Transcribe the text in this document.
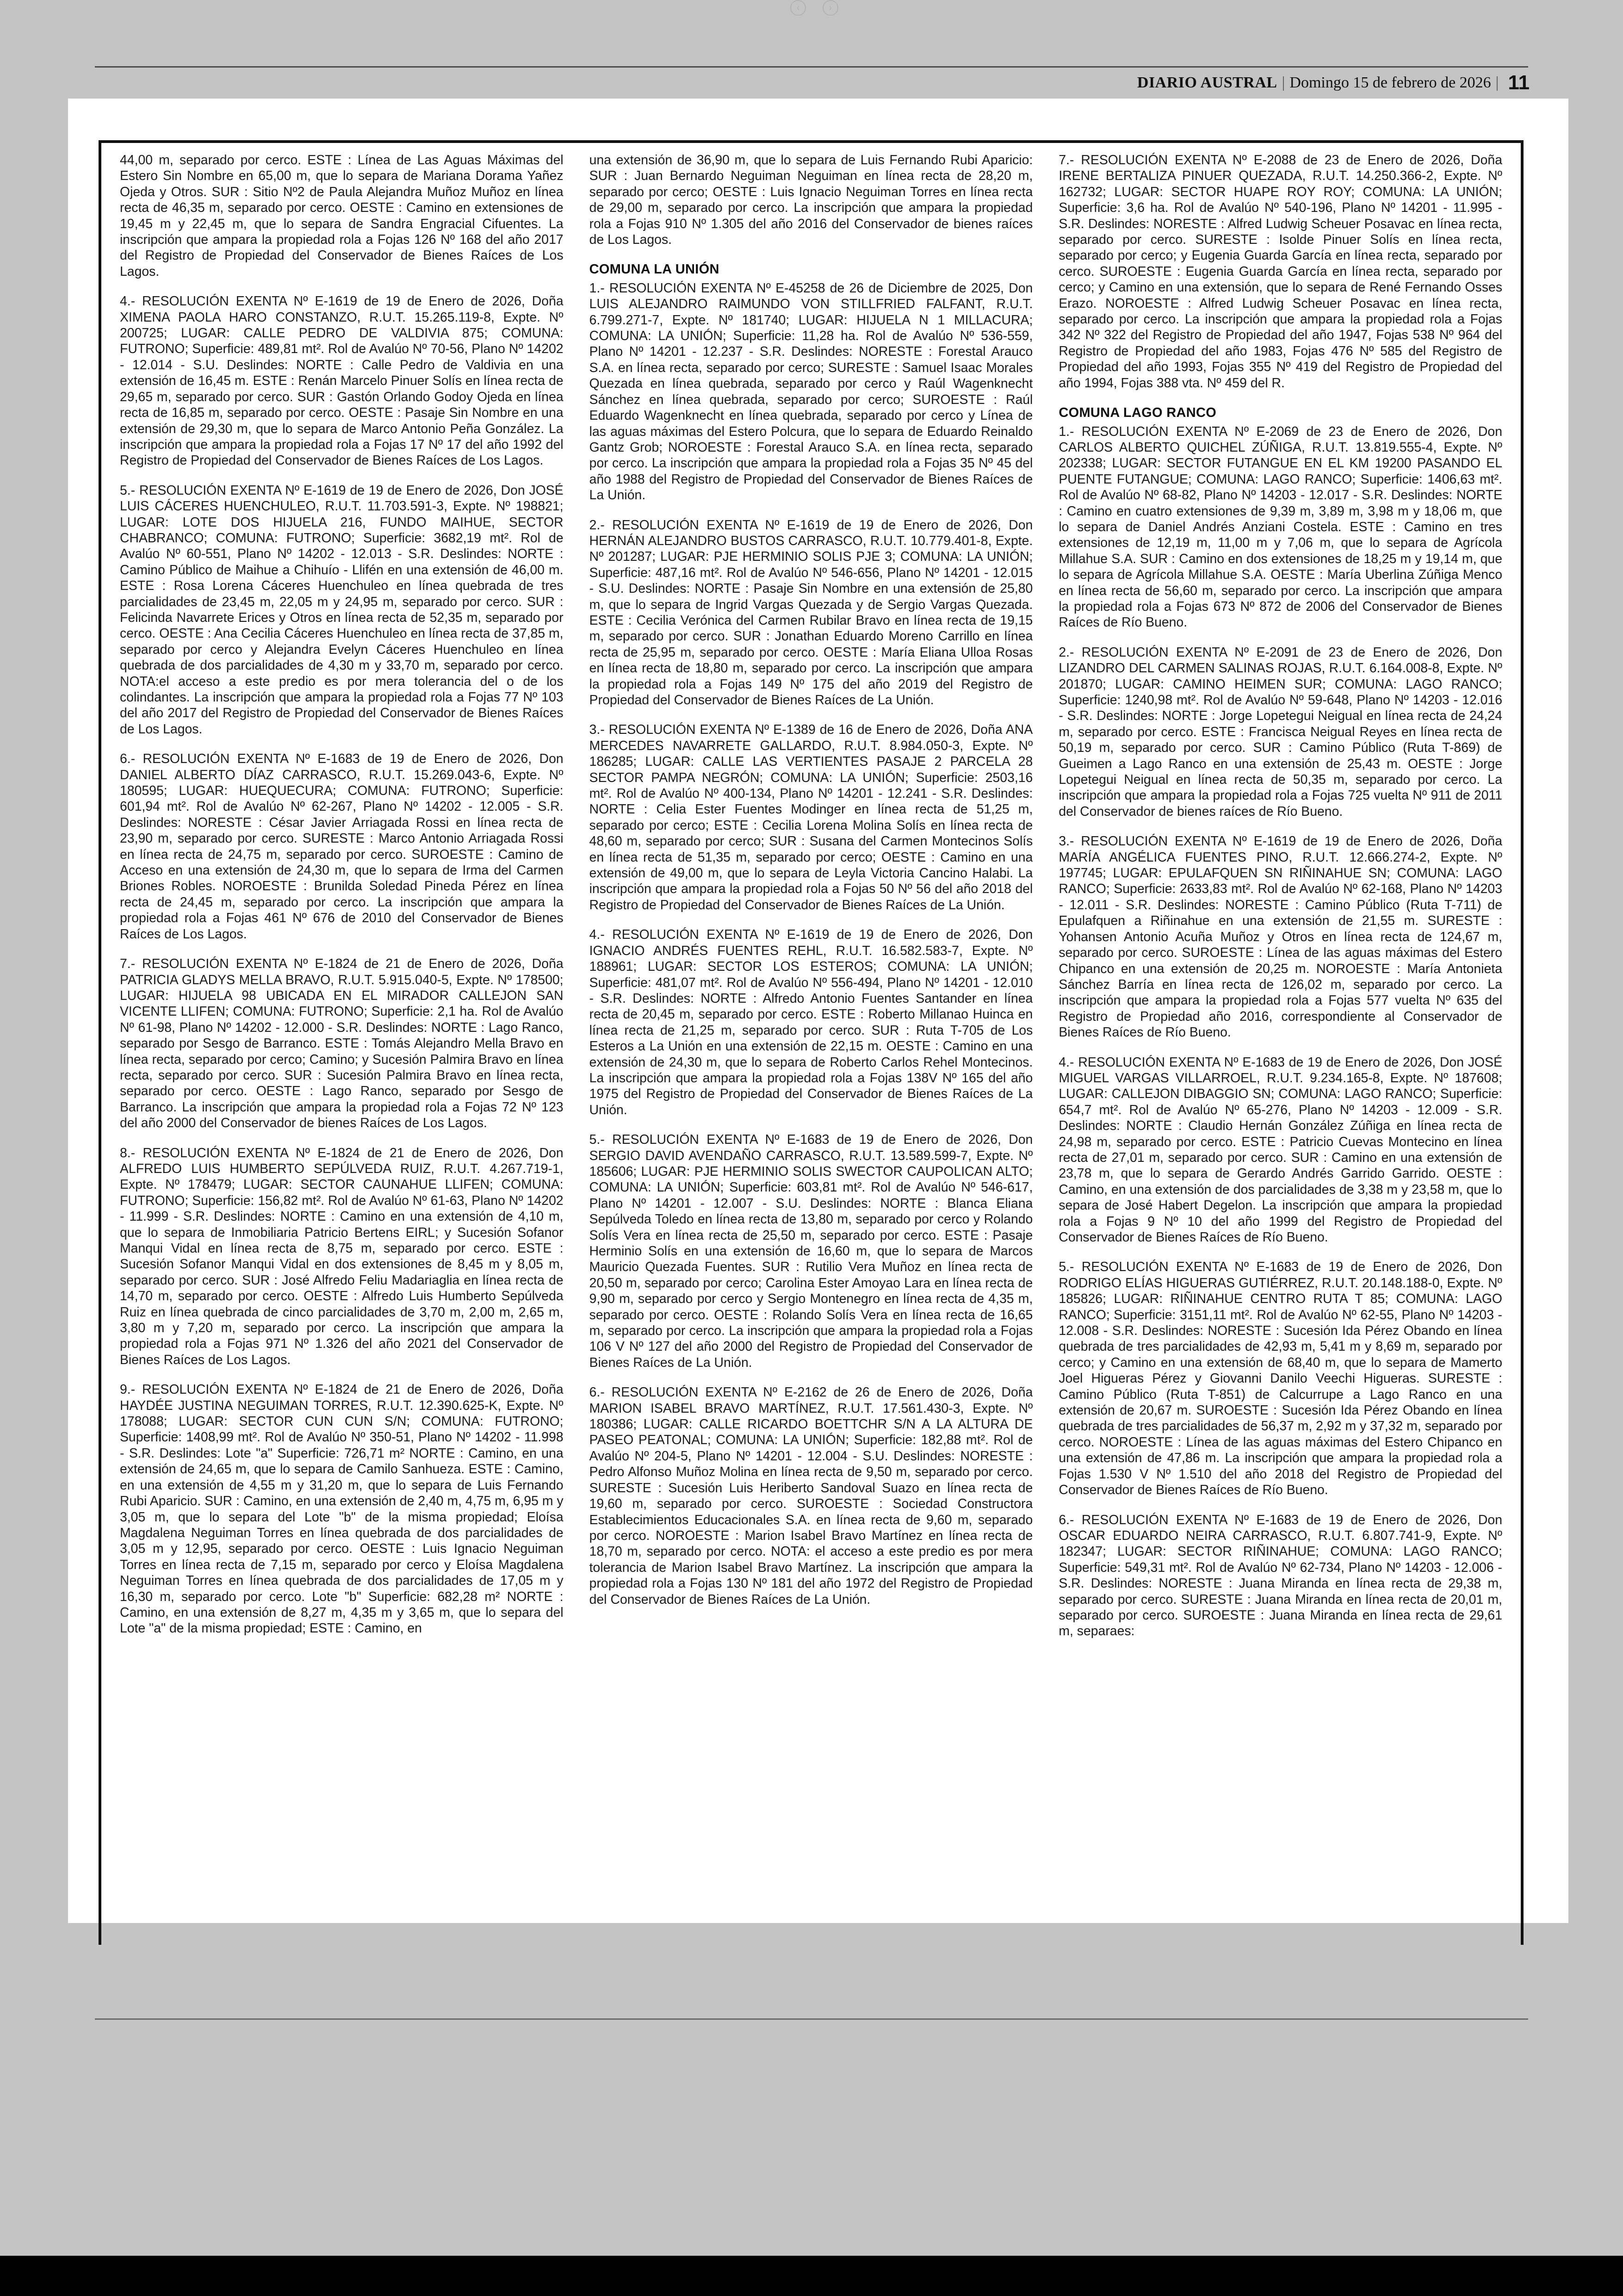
‹	›
DIARIO AUSTRAL | Domingo 15 de febrero de 2026 | 11

44,00 m, separado por cerco. ESTE : Línea de Las Aguas Máximas del Estero Sin Nombre en 65,00 m, que lo separa de Mariana Dorama Yañez Ojeda y Otros. SUR : Sitio Nº2 de Paula Alejandra Muñoz Muñoz en línea recta de 46,35 m, separado por cerco. OESTE : Camino en extensiones de 19,45 m y 22,45 m, que lo separa de Sandra Engracial Cifuentes. La inscripción que ampara la propiedad rola a Fojas 126 Nº 168 del año 2017 del Registro de Propiedad del Conservador de Bienes Raíces de Los Lagos.

4.- RESOLUCIÓN EXENTA Nº E-1619 de 19 de Enero de 2026, Doña XIMENA PAOLA HARO CONSTANZO, R.U.T. 15.265.119-8, Expte. Nº 200725; LUGAR: CALLE PEDRO DE VALDIVIA 875; COMUNA: FUTRONO; Superficie: 489,81 mt². Rol de Avalúo Nº 70-56, Plano Nº 14202 - 12.014 - S.U. Deslindes: NORTE : Calle Pedro de Valdivia en una extensión de 16,45 m. ESTE : Renán Marcelo Pinuer Solís en línea recta de 29,65 m, separado por cerco. SUR : Gastón Orlando Godoy Ojeda en línea recta de 16,85 m, separado por cerco. OESTE : Pasaje Sin Nombre en una extensión de 29,30 m, que lo separa de Marco Antonio Peña González. La inscripción que ampara la propiedad rola a Fojas 17 Nº 17 del año 1992 del Registro de Propiedad del Conservador de Bienes Raíces de Los Lagos.

5.- RESOLUCIÓN EXENTA Nº E-1619 de 19 de Enero de 2026, Don JOSÉ LUIS CÁCERES HUENCHULEO, R.U.T. 11.703.591-3, Expte. Nº 198821; LUGAR: LOTE DOS HIJUELA 216, FUNDO MAIHUE, SECTOR CHABRANCO; COMUNA: FUTRONO; Superficie: 3682,19 mt². Rol de Avalúo Nº 60-551, Plano Nº 14202 - 12.013 - S.R. Deslindes: NORTE : Camino Público de Maihue a Chihuío - Llifén en una extensión de 46,00 m. ESTE : Rosa Lorena Cáceres Huenchuleo en línea quebrada de tres parcialidades de 23,45 m, 22,05 m y 24,95 m, separado por cerco. SUR : Felicinda Navarrete Erices y Otros en línea recta de 52,35 m, separado por cerco. OESTE : Ana Cecilia Cáceres Huenchuleo en línea recta de 37,85 m, separado por cerco y Alejandra Evelyn Cáceres Huenchuleo en línea quebrada de dos parcialidades de 4,30 m y 33,70 m, separado por cerco. NOTA:el acceso a este predio es por mera tolerancia del o de los colindantes. La inscripción que ampara la propiedad rola a Fojas 77 Nº 103 del año 2017 del Registro de Propiedad del Conservador de Bienes Raíces de Los Lagos.

6.- RESOLUCIÓN EXENTA Nº E-1683 de 19 de Enero de 2026, Don DANIEL ALBERTO DÍAZ CARRASCO, R.U.T. 15.269.043-6, Expte. Nº 180595; LUGAR: HUEQUECURA; COMUNA: FUTRONO; Superficie: 601,94 mt². Rol de Avalúo Nº 62-267, Plano Nº 14202 - 12.005 - S.R. Deslindes: NORESTE : César Javier Arriagada Rossi en línea recta de 23,90 m, separado por cerco. SURESTE : Marco Antonio Arriagada Rossi en línea recta de 24,75 m, separado por cerco. SUROESTE : Camino de Acceso en una extensión de 24,30 m, que lo separa de Irma del Carmen Briones Robles. NOROESTE : Brunilda Soledad Pineda Pérez en línea recta de 24,45 m, separado por cerco. La inscripción que ampara la propiedad rola a Fojas 461 Nº 676 de 2010 del Conservador de Bienes Raíces de Los Lagos.

7.- RESOLUCIÓN EXENTA Nº E-1824 de 21 de Enero de 2026, Doña PATRICIA GLADYS MELLA BRAVO, R.U.T. 5.915.040-5, Expte. Nº 178500; LUGAR: HIJUELA 98 UBICADA EN EL MIRADOR CALLEJON SAN VICENTE LLIFEN; COMUNA: FUTRONO; Superficie: 2,1 ha. Rol de Avalúo Nº 61-98, Plano Nº 14202 - 12.000 - S.R. Deslindes: NORTE : Lago Ranco, separado por Sesgo de Barranco. ESTE : Tomás Alejandro Mella Bravo en línea recta, separado por cerco; Camino; y Sucesión Palmira Bravo en línea recta, separado por cerco. SUR : Sucesión Palmira Bravo en línea recta, separado por cerco. OESTE : Lago Ranco, separado por Sesgo de Barranco. La inscripción que ampara la propiedad rola a Fojas 72 Nº 123 del año 2000 del Conservador de bienes Raíces de Los Lagos.

8.- RESOLUCIÓN EXENTA Nº E-1824 de 21 de Enero de 2026, Don ALFREDO LUIS HUMBERTO SEPÚLVEDA RUIZ, R.U.T. 4.267.719-1, Expte. Nº 178479; LUGAR: SECTOR CAUNAHUE LLIFEN; COMUNA: FUTRONO; Superficie: 156,82 mt². Rol de Avalúo Nº 61-63, Plano Nº 14202 - 11.999 - S.R. Deslindes: NORTE : Camino en una extensión de 4,10 m, que lo separa de Inmobiliaria Patricio Bertens EIRL; y Sucesión Sofanor Manqui Vidal en línea recta de 8,75 m, separado por cerco. ESTE : Sucesión Sofanor Manqui Vidal en dos extensiones de 8,45 m y 8,05 m, separado por cerco. SUR : José Alfredo Feliu Madariaglia en línea recta de 14,70 m, separado por cerco. OESTE : Alfredo Luis Humberto Sepúlveda Ruiz en línea quebrada de cinco parcialidades de 3,70 m, 2,00 m, 2,65 m, 3,80 m y 7,20 m, separado por cerco. La inscripción que ampara la propiedad rola a Fojas 971 Nº 1.326 del año 2021 del Conservador de Bienes Raíces de Los Lagos.

9.- RESOLUCIÓN EXENTA Nº E-1824 de 21 de Enero de 2026, Doña HAYDÉE JUSTINA NEGUIMAN TORRES, R.U.T. 12.390.625-K, Expte. Nº 178088; LUGAR: SECTOR CUN CUN S/N; COMUNA: FUTRONO; Superficie: 1408,99 mt². Rol de Avalúo Nº 350-51, Plano Nº 14202 - 11.998 - S.R. Deslindes: Lote "a" Superficie: 726,71 m² NORTE : Camino, en una extensión de 24,65 m, que lo separa de Camilo Sanhueza. ESTE : Camino, en una extensión de 4,55 m y 31,20 m, que lo separa de Luis Fernando Rubi Aparicio. SUR : Camino, en una extensión de 2,40 m, 4,75 m, 6,95 m y 3,05 m, que lo separa del Lote "b" de la misma propiedad; Eloísa Magdalena Neguiman Torres en línea quebrada de dos parcialidades de 3,05 m y 12,95, separado por cerco. OESTE : Luis Ignacio Neguiman Torres en línea recta de 7,15 m, separado por cerco y Eloísa Magdalena Neguiman Torres en línea quebrada de dos parcialidades de 17,05 m y 16,30 m, separado por cerco. Lote "b" Superficie: 682,28 m² NORTE : Camino, en una extensión de 8,27 m, 4,35 m y 3,65 m, que lo separa del Lote "a" de la misma propiedad; ESTE : Camino, en

una extensión de 36,90 m, que lo separa de Luis Fernando Rubi Aparicio: SUR : Juan Bernardo Neguiman Neguiman en línea recta de 28,20 m, separado por cerco; OESTE : Luis Ignacio Neguiman Torres en línea recta de 29,00 m, separado por cerco. La inscripción que ampara la propiedad rola a Fojas 910 Nº 1.305 del año 2016 del Conservador de bienes raíces de Los Lagos.

COMUNA LA UNIÓN

1.- RESOLUCIÓN EXENTA Nº E-45258 de 26 de Diciembre de 2025, Don LUIS ALEJANDRO RAIMUNDO VON STILLFRIED FALFANT, R.U.T. 6.799.271-7, Expte. Nº 181740; LUGAR: HIJUELA N 1 MILLACURA; COMUNA: LA UNIÓN; Superficie: 11,28 ha. Rol de Avalúo Nº 536-559, Plano Nº 14201 - 12.237 - S.R. Deslindes: NORESTE : Forestal Arauco S.A. en línea recta, separado por cerco; SURESTE : Samuel Isaac Morales Quezada en línea quebrada, separado por cerco y Raúl Wagenknecht Sánchez en línea quebrada, separado por cerco; SUROESTE : Raúl Eduardo Wagenknecht en línea quebrada, separado por cerco y Línea de las aguas máximas del Estero Polcura, que lo separa de Eduardo Reinaldo Gantz Grob; NOROESTE : Forestal Arauco S.A. en línea recta, separado por cerco. La inscripción que ampara la propiedad rola a Fojas 35 Nº 45 del año 1988 del Registro de Propiedad del Conservador de Bienes Raíces de La Unión.

2.- RESOLUCIÓN EXENTA Nº E-1619 de 19 de Enero de 2026, Don HERNÁN ALEJANDRO BUSTOS CARRASCO, R.U.T. 10.779.401-8, Expte. Nº 201287; LUGAR: PJE HERMINIO SOLIS PJE 3; COMUNA: LA UNIÓN; Superficie: 487,16 mt². Rol de Avalúo Nº 546-656, Plano Nº 14201 - 12.015 - S.U. Deslindes: NORTE : Pasaje Sin Nombre en una extensión de 25,80 m, que lo separa de Ingrid Vargas Quezada y de Sergio Vargas Quezada. ESTE : Cecilia Verónica del Carmen Rubilar Bravo en línea recta de 19,15 m, separado por cerco. SUR : Jonathan Eduardo Moreno Carrillo en línea recta de 25,95 m, separado por cerco. OESTE : María Eliana Ulloa Rosas en línea recta de 18,80 m, separado por cerco. La inscripción que ampara la propiedad rola a Fojas 149 Nº 175 del año 2019 del Registro de Propiedad del Conservador de Bienes Raíces de La Unión.

3.- RESOLUCIÓN EXENTA Nº E-1389 de 16 de Enero de 2026, Doña ANA MERCEDES NAVARRETE GALLARDO, R.U.T. 8.984.050-3, Expte. Nº 186285; LUGAR: CALLE LAS VERTIENTES PASAJE 2 PARCELA 28 SECTOR PAMPA NEGRÓN; COMUNA: LA UNIÓN; Superficie: 2503,16 mt². Rol de Avalúo Nº 400-134, Plano Nº 14201 - 12.241 - S.R. Deslindes: NORTE : Celia Ester Fuentes Modinger en línea recta de 51,25 m, separado por cerco; ESTE : Cecilia Lorena Molina Solís en línea recta de 48,60 m, separado por cerco; SUR : Susana del Carmen Montecinos Solís en línea recta de 51,35 m, separado por cerco; OESTE : Camino en una extensión de 49,00 m, que lo separa de Leyla Victoria Cancino Halabi. La inscripción que ampara la propiedad rola a Fojas 50 Nº 56 del año 2018 del Registro de Propiedad del Conservador de Bienes Raíces de La Unión.

4.- RESOLUCIÓN EXENTA Nº E-1619 de 19 de Enero de 2026, Don IGNACIO ANDRÉS FUENTES REHL, R.U.T. 16.582.583-7, Expte. Nº 188961; LUGAR: SECTOR LOS ESTEROS; COMUNA: LA UNIÓN; Superficie: 481,07 mt². Rol de Avalúo Nº 556-494, Plano Nº 14201 - 12.010 - S.R. Deslindes: NORTE : Alfredo Antonio Fuentes Santander en línea recta de 20,45 m, separado por cerco. ESTE : Roberto Millanao Huinca en línea recta de 21,25 m, separado por cerco. SUR : Ruta T-705 de Los Esteros a La Unión en una extensión de 22,15 m. OESTE : Camino en una extensión de 24,30 m, que lo separa de Roberto Carlos Rehel Montecinos. La inscripción que ampara la propiedad rola a Fojas 138V Nº 165 del año 1975 del Registro de Propiedad del Conservador de Bienes Raíces de La Unión.

5.- RESOLUCIÓN EXENTA Nº E-1683 de 19 de Enero de 2026, Don SERGIO DAVID AVENDAÑO CARRASCO, R.U.T. 13.589.599-7, Expte. Nº 185606; LUGAR: PJE HERMINIO SOLIS SWECTOR CAUPOLICAN ALTO; COMUNA: LA UNIÓN; Superficie: 603,81 mt². Rol de Avalúo Nº 546-617, Plano Nº 14201 - 12.007 - S.U. Deslindes: NORTE : Blanca Eliana Sepúlveda Toledo en línea recta de 13,80 m, separado por cerco y Rolando Solís Vera en línea recta de 25,50 m, separado por cerco. ESTE : Pasaje Herminio Solís en una extensión de 16,60 m, que lo separa de Marcos Mauricio Quezada Fuentes. SUR : Rutilio Vera Muñoz en línea recta de 20,50 m, separado por cerco; Carolina Ester Amoyao Lara en línea recta de 9,90 m, separado por cerco y Sergio Montenegro en línea recta de 4,35 m, separado por cerco. OESTE : Rolando Solís Vera en línea recta de 16,65 m, separado por cerco. La inscripción que ampara la propiedad rola a Fojas 106 V Nº 127 del año 2000 del Registro de Propiedad del Conservador de Bienes Raíces de La Unión.

6.- RESOLUCIÓN EXENTA Nº E-2162 de 26 de Enero de 2026, Doña MARION ISABEL BRAVO MARTÍNEZ, R.U.T. 17.561.430-3, Expte. Nº 180386; LUGAR: CALLE RICARDO BOETTCHR S/N A LA ALTURA DE PASEO PEATONAL; COMUNA: LA UNIÓN; Superficie: 182,88 mt². Rol de Avalúo Nº 204-5, Plano Nº 14201 - 12.004 - S.U. Deslindes: NORESTE : Pedro Alfonso Muñoz Molina en línea recta de 9,50 m, separado por cerco. SURESTE : Sucesión Luis Heriberto Sandoval Suazo en línea recta de 19,60 m, separado por cerco. SUROESTE : Sociedad Constructora Establecimientos Educacionales S.A. en línea recta de 9,60 m, separado por cerco. NOROESTE : Marion Isabel Bravo Martínez en línea recta de 18,70 m, separado por cerco. NOTA: el acceso a este predio es por mera tolerancia de Marion Isabel Bravo Martínez. La inscripción que ampara la propiedad rola a Fojas 130 Nº 181 del año 1972 del Registro de Propiedad del Conservador de Bienes Raíces de La Unión.

7.- RESOLUCIÓN EXENTA Nº E-2088 de 23 de Enero de 2026, Doña IRENE BERTALIZA PINUER QUEZADA, R.U.T. 14.250.366-2, Expte. Nº 162732; LUGAR: SECTOR HUAPE ROY ROY; COMUNA: LA UNIÓN; Superficie: 3,6 ha. Rol de Avalúo Nº 540-196, Plano Nº 14201 - 11.995 - S.R. Deslindes: NORESTE : Alfred Ludwig Scheuer Posavac en línea recta, separado por cerco. SURESTE : Isolde Pinuer Solís en línea recta, separado por cerco; y Eugenia Guarda García en línea recta, separado por cerco. SUROESTE : Eugenia Guarda García en línea recta, separado por cerco; y Camino en una extensión, que lo separa de René Fernando Osses Erazo. NOROESTE : Alfred Ludwig Scheuer Posavac en línea recta, separado por cerco. La inscripción que ampara la propiedad rola a Fojas 342 Nº 322 del Registro de Propiedad del año 1947, Fojas 538 Nº 964 del Registro de Propiedad del año 1983, Fojas 476 Nº 585 del Registro de Propiedad del año 1993, Fojas 355 Nº 419 del Registro de Propiedad del año 1994, Fojas 388 vta. Nº 459 del R.

COMUNA LAGO RANCO

1.- RESOLUCIÓN EXENTA Nº E-2069 de 23 de Enero de 2026, Don CARLOS ALBERTO QUICHEL ZÚÑIGA, R.U.T. 13.819.555-4, Expte. Nº 202338; LUGAR: SECTOR FUTANGUE EN EL KM 19200 PASANDO EL PUENTE FUTANGUE; COMUNA: LAGO RANCO; Superficie: 1406,63 mt². Rol de Avalúo Nº 68-82, Plano Nº 14203 - 12.017 - S.R. Deslindes: NORTE : Camino en cuatro extensiones de 9,39 m, 3,89 m, 3,98 m y 18,06 m, que lo separa de Daniel Andrés Anziani Costela. ESTE : Camino en tres extensiones de 12,19 m, 11,00 m y 7,06 m, que lo separa de Agrícola Millahue S.A. SUR : Camino en dos extensiones de 18,25 m y 19,14 m, que lo separa de Agrícola Millahue S.A. OESTE : María Uberlina Zúñiga Menco en línea recta de 56,60 m, separado por cerco. La inscripción que ampara la propiedad rola a Fojas 673 Nº 872 de 2006 del Conservador de Bienes Raíces de Río Bueno.

2.- RESOLUCIÓN EXENTA Nº E-2091 de 23 de Enero de 2026, Don LIZANDRO DEL CARMEN SALINAS ROJAS, R.U.T. 6.164.008-8, Expte. Nº 201870; LUGAR: CAMINO HEIMEN SUR; COMUNA: LAGO RANCO; Superficie: 1240,98 mt². Rol de Avalúo Nº 59-648, Plano Nº 14203 - 12.016 - S.R. Deslindes: NORTE : Jorge Lopetegui Neigual en línea recta de 24,24 m, separado por cerco. ESTE : Francisca Neigual Reyes en línea recta de 50,19 m, separado por cerco. SUR : Camino Público (Ruta T-869) de Gueimen a Lago Ranco en una extensión de 25,43 m. OESTE : Jorge Lopetegui Neigual en línea recta de 50,35 m, separado por cerco. La inscripción que ampara la propiedad rola a Fojas 725 vuelta Nº 911 de 2011 del Conservador de bienes raíces de Río Bueno.

3.- RESOLUCIÓN EXENTA Nº E-1619 de 19 de Enero de 2026, Doña MARÍA ANGÉLICA FUENTES PINO, R.U.T. 12.666.274-2, Expte. Nº 197745; LUGAR: EPULAFQUEN SN RIÑINAHUE SN; COMUNA: LAGO RANCO; Superficie: 2633,83 mt². Rol de Avalúo Nº 62-168, Plano Nº 14203 - 12.011 - S.R. Deslindes: NORESTE : Camino Público (Ruta T-711) de Epulafquen a Riñinahue en una extensión de 21,55 m. SURESTE : Yohansen Antonio Acuña Muñoz y Otros en línea recta de 124,67 m, separado por cerco. SUROESTE : Línea de las aguas máximas del Estero Chipanco en una extensión de 20,25 m. NOROESTE : María Antonieta Sánchez Barría en línea recta de 126,02 m, separado por cerco. La inscripción que ampara la propiedad rola a Fojas 577 vuelta Nº 635 del Registro de Propiedad año 2016, correspondiente al Conservador de Bienes Raíces de Río Bueno.

4.- RESOLUCIÓN EXENTA Nº E-1683 de 19 de Enero de 2026, Don JOSÉ MIGUEL VARGAS VILLARROEL, R.U.T. 9.234.165-8, Expte. Nº 187608; LUGAR: CALLEJON DIBAGGIO SN; COMUNA: LAGO RANCO; Superficie: 654,7 mt². Rol de Avalúo Nº 65-276, Plano Nº 14203 - 12.009 - S.R. Deslindes: NORTE : Claudio Hernán González Zúñiga en línea recta de 24,98 m, separado por cerco. ESTE : Patricio Cuevas Montecino en línea recta de 27,01 m, separado por cerco. SUR : Camino en una extensión de 23,78 m, que lo separa de Gerardo Andrés Garrido Garrido. OESTE : Camino, en una extensión de dos parcialidades de 3,38 m y 23,58 m, que lo separa de José Habert Degelon. La inscripción que ampara la propiedad rola a Fojas 9 Nº 10 del año 1999 del Registro de Propiedad del Conservador de Bienes Raíces de Río Bueno.

5.- RESOLUCIÓN EXENTA Nº E-1683 de 19 de Enero de 2026, Don RODRIGO ELÍAS HIGUERAS GUTIÉRREZ, R.U.T. 20.148.188-0, Expte. Nº 185826; LUGAR: RIÑINAHUE CENTRO RUTA T 85; COMUNA: LAGO RANCO; Superficie: 3151,11 mt². Rol de Avalúo Nº 62-55, Plano Nº 14203 - 12.008 - S.R. Deslindes: NORESTE : Sucesión Ida Pérez Obando en línea quebrada de tres parcialidades de 42,93 m, 5,41 m y 8,69 m, separado por cerco; y Camino en una extensión de 68,40 m, que lo separa de Mamerto Joel Higueras Pérez y Giovanni Danilo Veechi Higueras. SURESTE : Camino Público (Ruta T-851) de Calcurrupe a Lago Ranco en una extensión de 20,67 m. SUROESTE : Sucesión Ida Pérez Obando en línea quebrada de tres parcialidades de 56,37 m, 2,92 m y 37,32 m, separado por cerco. NOROESTE : Línea de las aguas máximas del Estero Chipanco en una extensión de 47,86 m. La inscripción que ampara la propiedad rola a Fojas 1.530 V Nº 1.510 del año 2018 del Registro de Propiedad del Conservador de Bienes Raíces de Río Bueno.

6.- RESOLUCIÓN EXENTA Nº E-1683 de 19 de Enero de 2026, Don OSCAR EDUARDO NEIRA CARRASCO, R.U.T. 6.807.741-9, Expte. Nº 182347; LUGAR: SECTOR RIÑINAHUE; COMUNA: LAGO RANCO; Superficie: 549,31 mt². Rol de Avalúo Nº 62-734, Plano Nº 14203 - 12.006 - S.R. Deslindes: NORESTE : Juana Miranda en línea recta de 29,38 m, separado por cerco. SURESTE : Juana Miranda en línea recta de 20,01 m, separado por cerco. SUROESTE : Juana Miranda en línea recta de 29,61 m, separaes:
